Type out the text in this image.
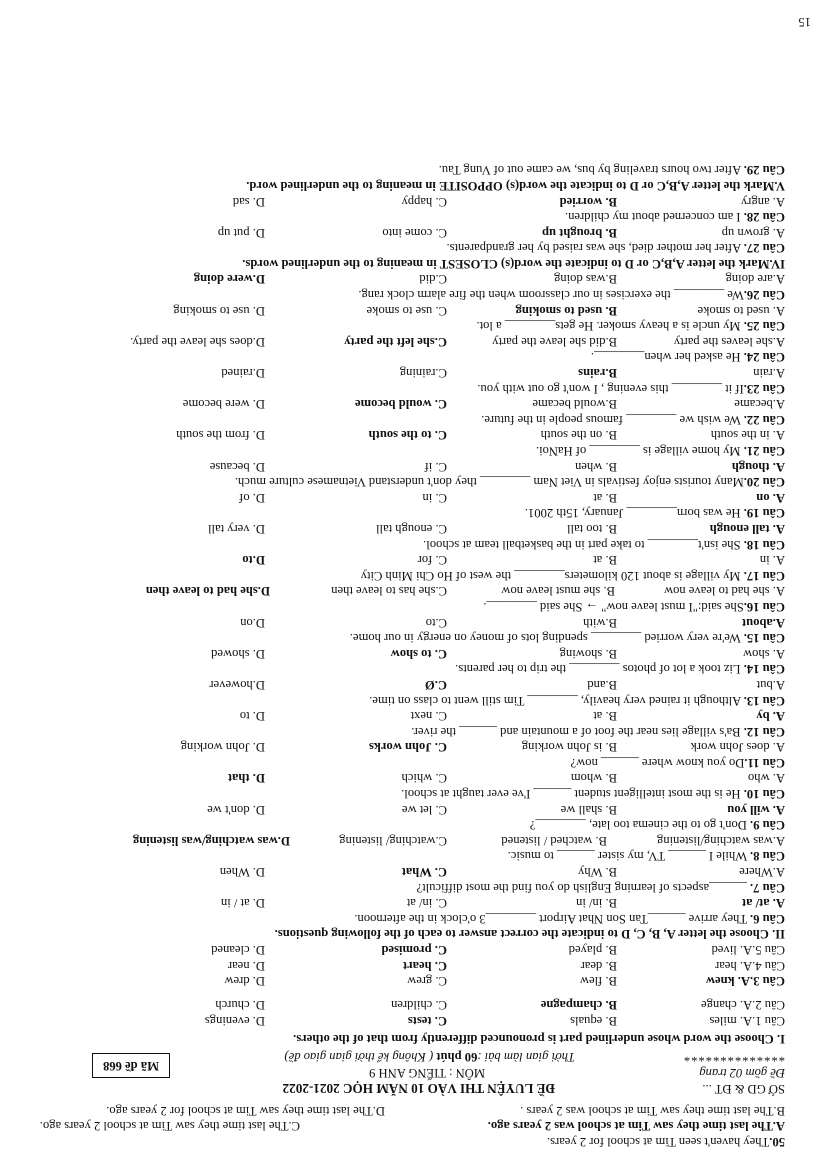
50.They haven't seen Tim at school for 2 years.
A.The last time they saw Tim at school was 2 years ago.
C.The last time they saw Tim at school 2 years ago.
B.The last time they saw Tim at school was 2 years .
D.The last time they saw Tim at school for 2 years ago.
SỞ GD & ĐT ...
Đề gồm 02 trang
**************
ĐỀ LUYỆN THI VÀO 10 NĂM HỌC 2021-2022
MÔN : TIẾNG ANH 9
Thời gian làm bài :60 phút ( Không kể thời gian giao đề)
Mã đề 668
I. Choose the word whose underlined part is pronounced differently from that of the others.
Câu 1.A. miles
B. equals
C. tests
D. evenings
Câu 2.A. change
B. champagne
C. children
D. church
Câu 3.A. knew
B. flew
C. grew
D. drew
Câu 4.A. hear
B. dear
C. heart
D. near
Câu 5.A. lived
B. played
C. promised
D. cleaned
II. Choose the letter A, B, C, D to indicate the correct answer to each of the following questions.
Câu 6. They arrive ______Tan Son Nhat Airport ________3 o'clock in the afternoon.
A. at/ at
B. in/ in
C. in/ at
D. at / in
Câu 7. ______aspects of learning English do you find the most difficult?
A.Where
B. Why
C. What
D. When
Câu 8. While I ______ TV, my sister ______ to music.
A.was watching/listening
B. watched / listened
C.watching/ listening
D.was watching/was listening
Câu 9. Don't go to the cinema too late, ________?
A. will you
B. shall we
C. let we
D. don't we
Câu 10. He is the most intelligent student ______ I've ever taught at school.
A. who
B. whom
C. which
D. that
Câu 11.Do you know where ______ now?
A. does John work
B. is John working
C. John works
D. John working
Câu 12. Ba's village lies near the foot of a mountain and ______ the river.
A. by
B. at
C. next
D. to
Câu 13. Although it rained very heavily, ________ Tim still went to class on time.
A.but
B.and
C.Ø
D.however
Câu 14. Liz took a lot of photos ________ the trip to her parents.
A. show
B. showing
C. to show
D. showed
Câu 15. We're very worried ________ spending lots of money on energy in our home.
A.about
B.with
C.to
D.on
Câu 16.She said:"I must leave now" → She said ________.
A. she had to leave now
B. she must leave now
C.she has to leave then
D.she had to leave then
Câu 17. My village is about 120 kilometers________ the west of Ho Chi Minh City
A. in
B. at
C. for
D.to
Câu 18. She isn't________ to take part in the basketball team at school.
A. tall enough
B. too tall
C. enough tall
D. very tall
Câu 19. He was born________ January, 15th 2001.
A. on
B. at
C. in
D. of
Câu 20.Many tourists enjoy festivals in Viet Nam ________ they don't understand Vietnamese culture much.
A. though
B. when
C. if
D. because
Câu 21. My home village is ________ of HaNoi.
A. in the south
B. on the south
C. to the south
D. from the south
Câu 22. We wish we ________ famous people in the future.
A.became
B.would became
C. would become
D. were become
Câu 23.If it ________ this evening , I won't go out with you.
A.rain
B.rains
C.raining
D.rained
Câu 24. He asked her when________.
A.she leaves the party
B.did she leave the party
C.she left the party
D.does she leave the party.
Câu 25. My uncle is a heavy smoker. He gets________ a lot.
A. used to smoke
B. used to smoking
C. use to smoke
D. use to smoking
Câu 26.We ________ the exercises in our classroom when the fire alarm clock rang.
A.are doing
B.was doing
C.did
D.were doing
IV.Mark the letter A,B,C or D to indicate the word(s) CLOSEST in meaning to the underlined words.
Câu 27. After her mother died, she was raised by her grandparents.
A. grown up
B. brought up
C. come into
D. put up
Câu 28. I am concerned about my children.
A. angry
B. worried
C. happy
D. sad
V.Mark the letter A,B,C or D to indicate the word(s) OPPOSITE in meaning to the underlined word.
Câu 29. After two hours traveling by bus, we came out of Vung Tau.
15
